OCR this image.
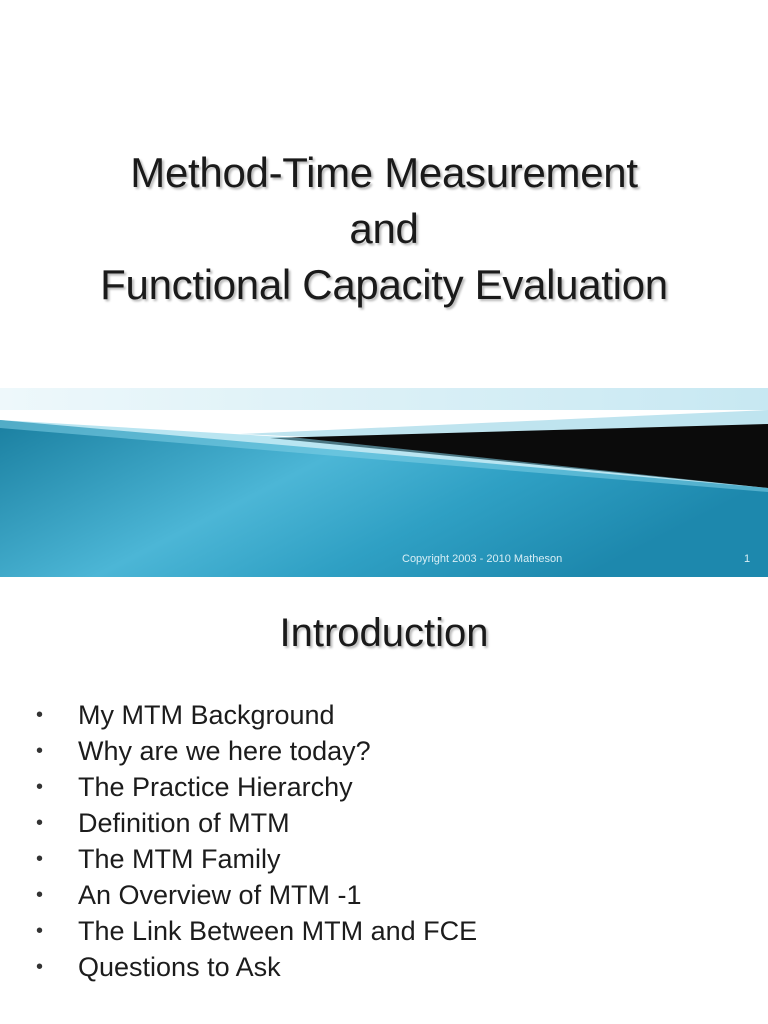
Method-Time Measurement
and
Functional Capacity Evaluation
Copyright 2003 - 2010 Matheson	1
Introduction
•	My MTM Background
•	Why are we here today?
•	The Practice Hierarchy
•	Definition of MTM
•	The MTM Family
•	An Overview of MTM -1
•	The Link Between MTM and FCE
•	Questions to Ask
